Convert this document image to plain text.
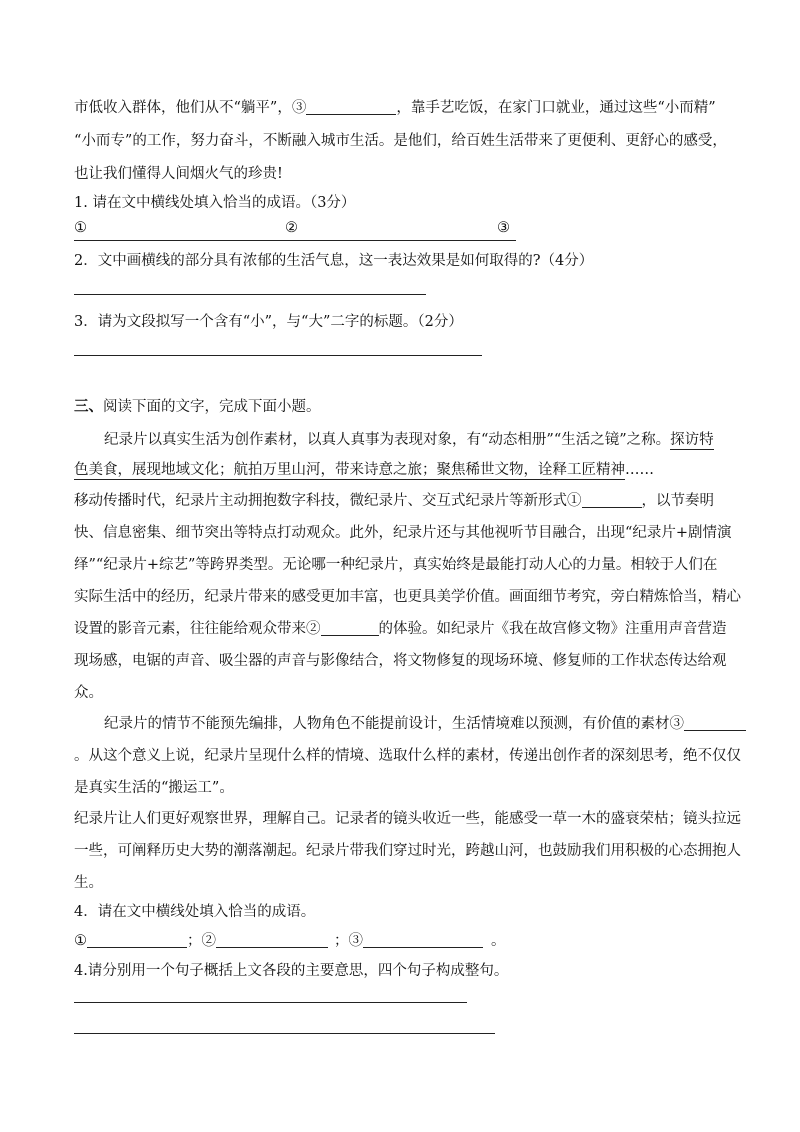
市低收入群体，他们从不“躺平”，③	，靠手艺吃饭，在家门口就业，通过这些“小而精”
“小而专”的工作，努力奋斗，不断融入城市生活。是他们，给百姓生活带来了更便利、更舒心的感受，
也让我们懂得人间烟火气的珍贵!
1. 请在文中横线处填入恰当的成语。（3分）
①	②	③
2．文中画横线的部分具有浓郁的生活气息，这一表达效果是如何取得的?（4分）
3．请为文段拟写一个含有“小”，与“大”二字的标题。（2分）
三、阅读下面的文字，完成下面小题。
纪录片以真实生活为创作素材，以真人真事为表现对象，有“动态相册”“生活之镜”之称。探访特
色美食，展现地域文化；航拍万里山河，带来诗意之旅；聚焦稀世文物，诠释工匠精神……
移动传播时代，纪录片主动拥抱数字科技，微纪录片、交互式纪录片等新形式①	，以节奏明
快、信息密集、细节突出等特点打动观众。此外，纪录片还与其他视听节目融合，出现“纪录片+剧情演
绎”“纪录片+综艺”等跨界类型。无论哪一种纪录片，真实始终是最能打动人心的力量。相较于人们在
实际生活中的经历，纪录片带来的感受更加丰富，也更具美学价值。画面细节考究，旁白精炼恰当，精心
设置的影音元素，往往能给观众带来②	的体验。如纪录片《我在故宫修文物》注重用声音营造
现场感，电锯的声音、吸尘器的声音与影像结合，将文物修复的现场环境、修复师的工作状态传达给观
众。
纪录片的情节不能预先编排，人物角色不能提前设计，生活情境难以预测，有价值的素材③
。从这个意义上说，纪录片呈现什么样的情境、选取什么样的素材，传递出创作者的深刻思考，绝不仅仅
是真实生活的“搬运工”。
纪录片让人们更好观察世界，理解自己。记录者的镜头收近一些，能感受一草一木的盛衰荣枯；镜头拉远
一些，可阐释历史大势的潮落潮起。纪录片带我们穿过时光，跨越山河，也鼓励我们用积极的心态拥抱人
生。
4．请在文中横线处填入恰当的成语。
①	；②	；③	。
4.请分别用一个句子概括上文各段的主要意思，四个句子构成整句。
